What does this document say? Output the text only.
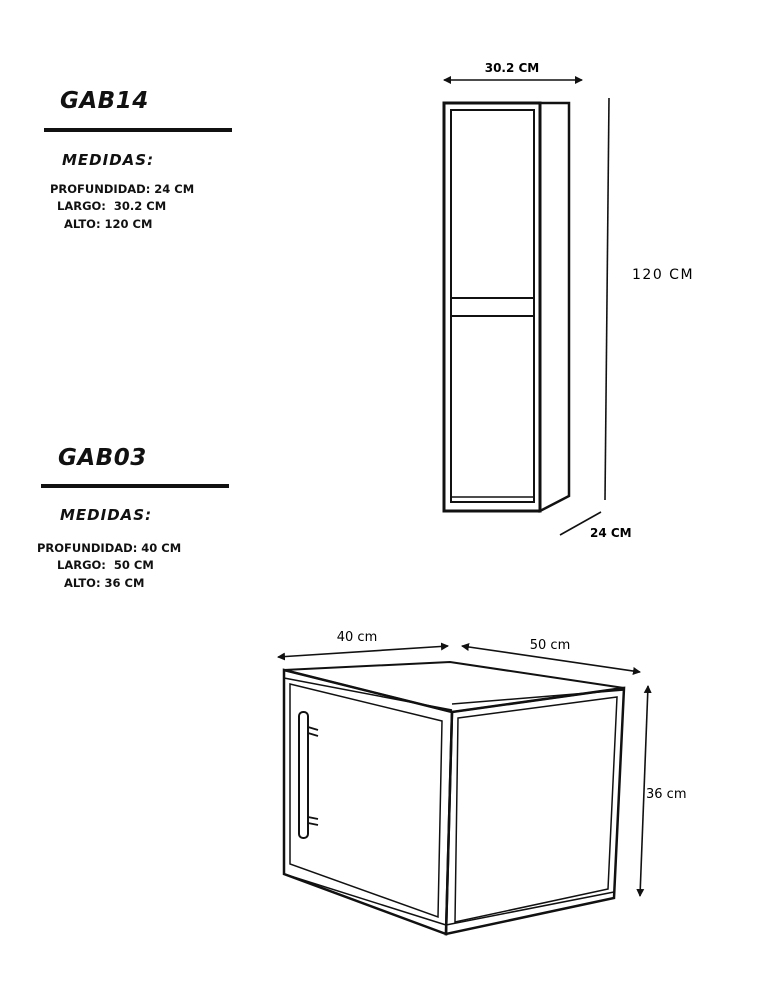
GAB14
MEDIDAS:
PROFUNDIDAD: 24 CM
LARGO:  30.2 CM
ALTO: 120 CM
GAB03
MEDIDAS:
PROFUNDIDAD: 40 CM
LARGO:  50 CM
ALTO: 36 CM
30.2 CM
120 CM
24 CM
40 cm
50 cm
36 cm
